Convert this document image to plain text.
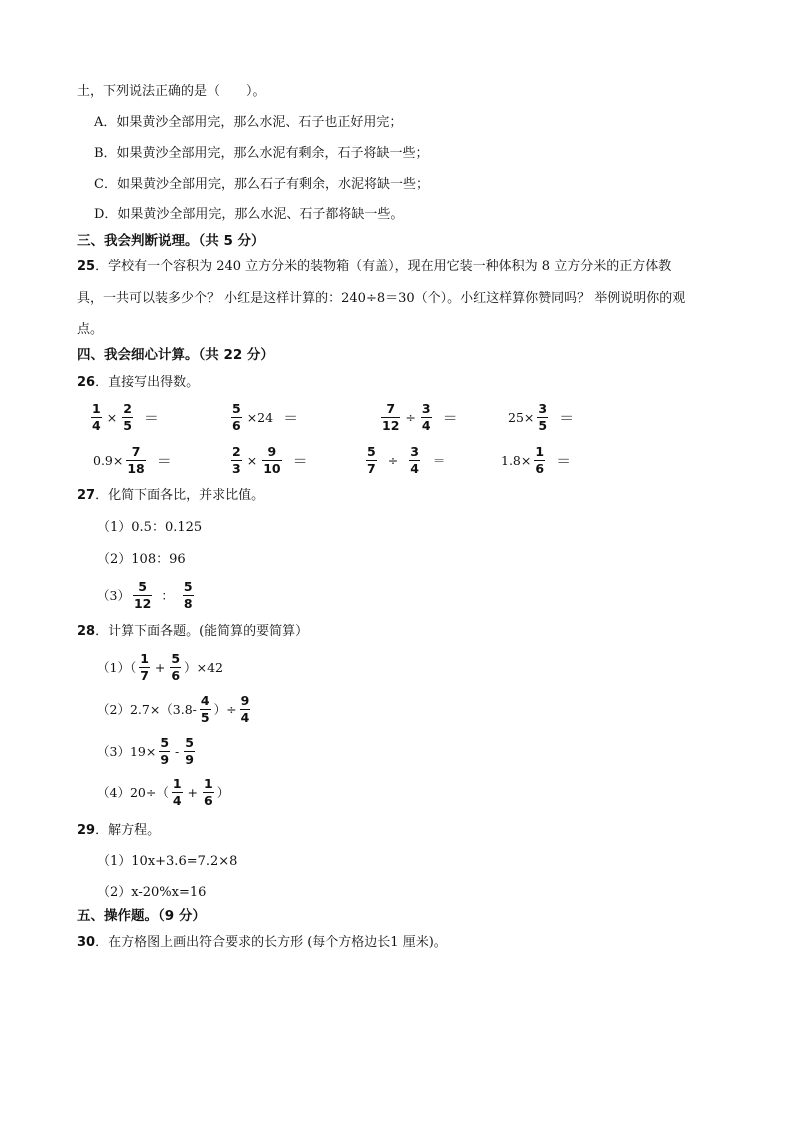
土，下列说法正确的是（　　）。
A．如果黄沙全部用完，那么水泥、石子也正好用完；
B．如果黄沙全部用完，那么水泥有剩余，石子将缺一些；
C．如果黄沙全部用完，那么石子有剩余，水泥将缺一些；
D．如果黄沙全部用完，那么水泥、石子都将缺一些。
三、我会判断说理。（共 5 分）
25．学校有一个容积为 240 立方分米的装物箱（有盖），现在用它装一种体积为 8 立方分米的正方体教
具，一共可以装多少个？ 小红是这样计算的：240÷8＝30（个）。小红这样算你赞同吗？ 举例说明你的观
点。
四、我会细心计算。（共 22 分）
26．直接写出得数。
$\frac{1}{4} \times \frac{2}{5}$ ＝	$\frac{5}{6} \times 24$ ＝	$\frac{7}{12} \div \frac{3}{4}$ ＝	$25\times \frac{3}{5}$ ＝
$0.9\times \frac{7}{18}$ ＝	$\frac{2}{3} \times \frac{9}{10}$ ＝	$\frac{5}{7} \div \frac{3}{4}$ ＝	$1.8\times \frac{1}{6}$ ＝
27．化简下面各比，并求比值。
（1）0.5：0.125
（2）108：96
$(3) \frac{5}{12}$ ： $\frac{5}{8}$
28．计算下面各题。(能简算的要简算）
$(1)( \frac{1}{7} + \frac{5}{6} )\times 42$
$(2)2.7\times(3.8- \frac{4}{5}$ ）÷ $\frac{9}{4}$
$(3)19\times \frac{5}{9} - \frac{5}{9}$
$(4)20\div( \frac{1}{4} + \frac{1}{6}$ ）
29．解方程。
（1）10x+3.6=7.2×8
（2）x-20%x=16
五、操作题。（9 分）
30．在方格图上画出符合要求的长方形 (每个方格边长1 厘米)。
